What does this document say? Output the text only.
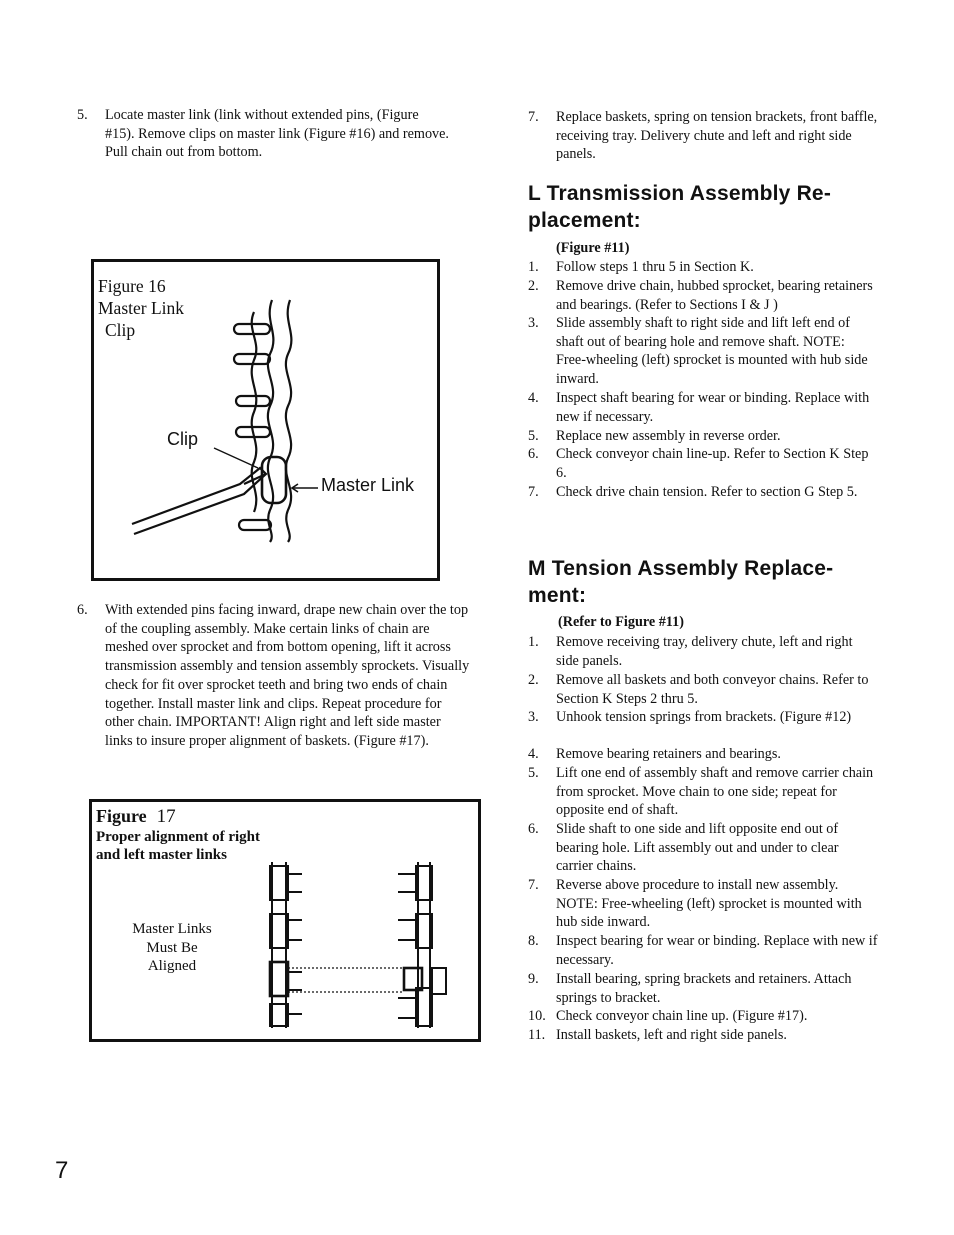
5. Locate master link (link without extended pins, (Figure #15). Remove clips on master link (Figure #16) and remove. Pull chain out from bottom.
Figure 16
Master Link
Clip
Clip
Master Link
6. With extended pins facing inward, drape new chain over the top of the coupling assembly. Make certain links of chain are meshed over sprocket and from bottom opening, lift it across transmission assembly and tension assembly sprockets. Visually check for fit over sprocket teeth and bring two ends of chain together. Install master link and clips. Repeat procedure for other chain. IMPORTANT! Align right and left side master links to insure proper alignment of baskets. (Figure #17).
Figure 17
Proper alignment of right
and left master links
Master Links
Must Be
Aligned
7. Replace baskets, spring on tension brackets, front baffle, receiving tray. Delivery chute and left and right side panels.
L Transmission Assembly Re-
placement:
(Figure #11)
1. Follow steps 1 thru 5 in Section K.
2. Remove drive chain, hubbed sprocket, bearing retainers and bearings. (Refer to Sections I & J )
3. Slide assembly shaft to right side and lift left end of shaft out of bearing hole and remove shaft. NOTE: Free-wheeling (left) sprocket is mounted with hub side inward.
4. Inspect shaft bearing for wear or binding. Replace with new if necessary.
5. Replace new assembly in reverse order.
6. Check conveyor chain line-up. Refer to Section K Step 6.
7. Check drive chain tension. Refer to section G Step 5.
M Tension Assembly Replace-
ment:
(Refer to Figure #11)
1. Remove receiving tray, delivery chute, left and right side panels.
2. Remove all baskets and both conveyor chains. Refer to Section K Steps 2 thru 5.
3. Unhook tension springs from brackets. (Figure #12)
4. Remove bearing retainers and bearings.
5. Lift one end of assembly shaft and remove carrier chain from sprocket. Move chain to one side; repeat for opposite end of shaft.
6. Slide shaft to one side and lift opposite end out of bearing hole. Lift assembly out and under to clear carrier chains.
7. Reverse above procedure to install new assembly. NOTE: Free-wheeling (left) sprocket is mounted with hub side inward.
8. Inspect bearing for wear or binding. Replace with new if necessary.
9. Install bearing, spring brackets and retainers. Attach springs to bracket.
10. Check conveyor chain line up. (Figure #17).
11. Install baskets, left and right side panels.
7
